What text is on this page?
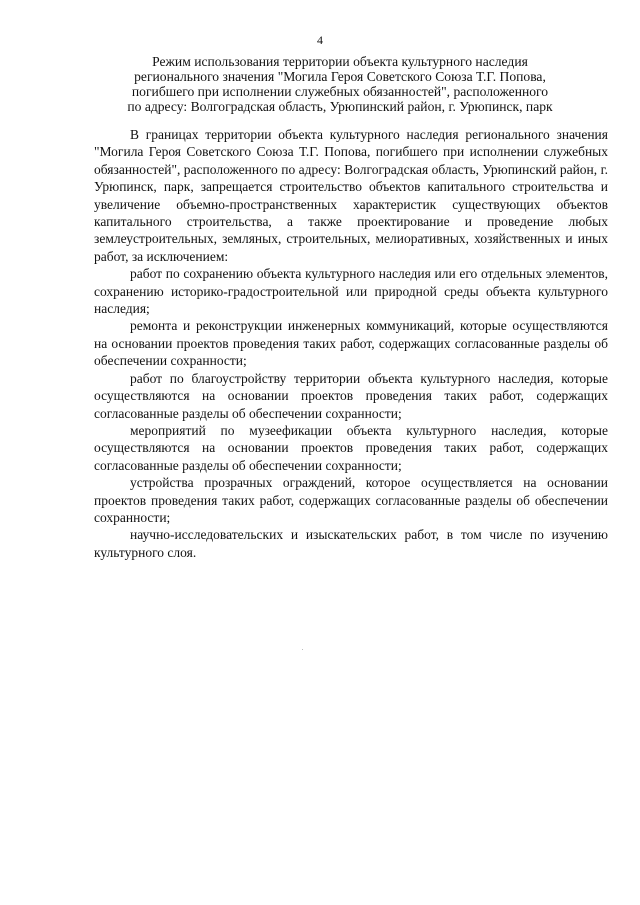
4
Режим использования территории объекта культурного наследия
регионального значения "Могила Героя Советского Союза Т.Г. Попова,
погибшего при исполнении служебных обязанностей", расположенного
по адресу: Волгоградская область, Урюпинский район, г. Урюпинск, парк

В границах территории объекта культурного наследия регионального значения "Могила Героя Советского Союза Т.Г. Попова, погибшего при исполнении служебных обязанностей", расположенного по адресу: Волгоградская область, Урюпинский район, г. Урюпинск, парк, запрещается строительство объектов капитального строительства и увеличение объемно-пространственных характеристик существующих объектов капитального строительства, а также проектирование и проведение любых землеустроительных, земляных, строительных, мелиоративных, хозяйственных и иных работ, за исключением:

работ по сохранению объекта культурного наследия или его отдельных элементов, сохранению историко-градостроительной или природной среды объекта культурного наследия;

ремонта и реконструкции инженерных коммуникаций, которые осуществляются на основании проектов проведения таких работ, содержащих согласованные разделы об обеспечении сохранности;

работ по благоустройству территории объекта культурного наследия, которые осуществляются на основании проектов проведения таких работ, содержащих согласованные разделы об обеспечении сохранности;

мероприятий по музеефикации объекта культурного наследия, которые осуществляются на основании проектов проведения таких работ, содержащих согласованные разделы об обеспечении сохранности;

устройства прозрачных ограждений, которое осуществляется на основании проектов проведения таких работ, содержащих согласованные разделы об обеспечении сохранности;

научно-исследовательских и изыскательских работ, в том числе по изучению культурного слоя.
